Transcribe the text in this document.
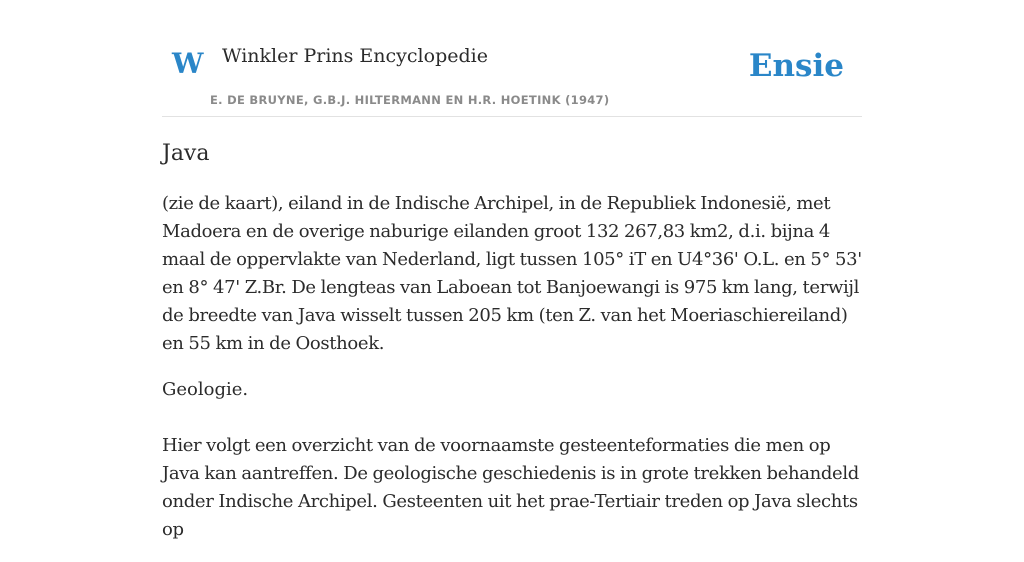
W Winkler Prins Encyclopedie
E. DE BRUYNE, G.B.J. HILTERMANN EN H.R. HOETINK (1947)
Ensie
Java

(zie de kaart), eiland in de Indische Archipel, in de Republiek Indonesië, met Madoera en de overige naburige eilanden groot 132 267,83 km2, d.i. bijna 4 maal de oppervlakte van Nederland, ligt tussen 105° iT en U4°36' O.L. en 5° 53' en 8° 47' Z.Br. De lengteas van Laboean tot Banjoewangi is 975 km lang, terwijl de breedte van Java wisselt tussen 205 km (ten Z. van het Moeriaschiereiland) en 55 km in de Oosthoek.

Geologie.

Hier volgt een overzicht van de voornaamste gesteenteformaties die men op Java kan aantreffen. De geologische geschiedenis is in grote trekken behandeld onder Indische Archipel. Gesteenten uit het prae-Tertiair treden op Java slechts op
